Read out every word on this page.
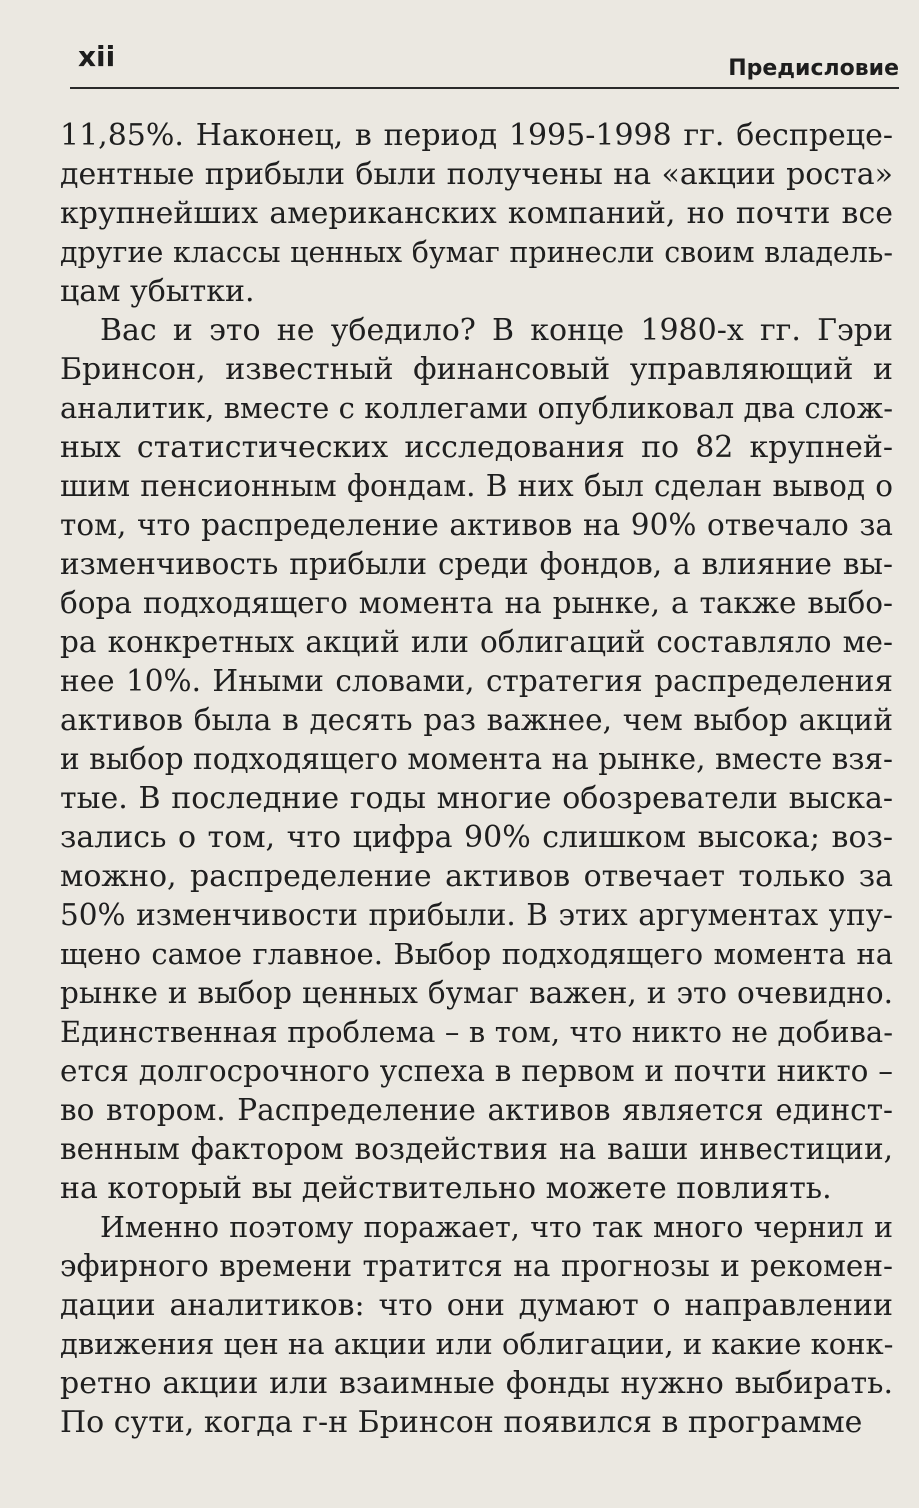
xii	Предисловие
11,85%. Наконец, в период 1995-1998 гг. беспреце-
дентные прибыли были получены на «акции роста»
крупнейших американских компаний, но почти все
другие классы ценных бумаг принесли своим владель-
цам убытки.
Вас и это не убедило? В конце 1980-х гг. Гэри
Бринсон, известный финансовый управляющий и
аналитик, вместе с коллегами опубликовал два слож-
ных статистических исследования по 82 крупней-
шим пенсионным фондам. В них был сделан вывод о
том, что распределение активов на 90% отвечало за
изменчивость прибыли среди фондов, а влияние вы-
бора подходящего момента на рынке, а также выбо-
ра конкретных акций или облигаций составляло ме-
нее 10%. Иными словами, стратегия распределения
активов была в десять раз важнее, чем выбор акций
и выбор подходящего момента на рынке, вместе взя-
тые. В последние годы многие обозреватели выска-
зались о том, что цифра 90% слишком высока; воз-
можно, распределение активов отвечает только за
50% изменчивости прибыли. В этих аргументах упу-
щено самое главное. Выбор подходящего момента на
рынке и выбор ценных бумаг важен, и это очевидно.
Единственная проблема – в том, что никто не добива-
ется долгосрочного успеха в первом и почти никто –
во втором. Распределение активов является единст-
венным фактором воздействия на ваши инвестиции,
на который вы действительно можете повлиять.
Именно поэтому поражает, что так много чернил и
эфирного времени тратится на прогнозы и рекомен-
дации аналитиков: что они думают о направлении
движения цен на акции или облигации, и какие конк-
ретно акции или взаимные фонды нужно выбирать.
По сути, когда г-н Бринсон появился в программе
